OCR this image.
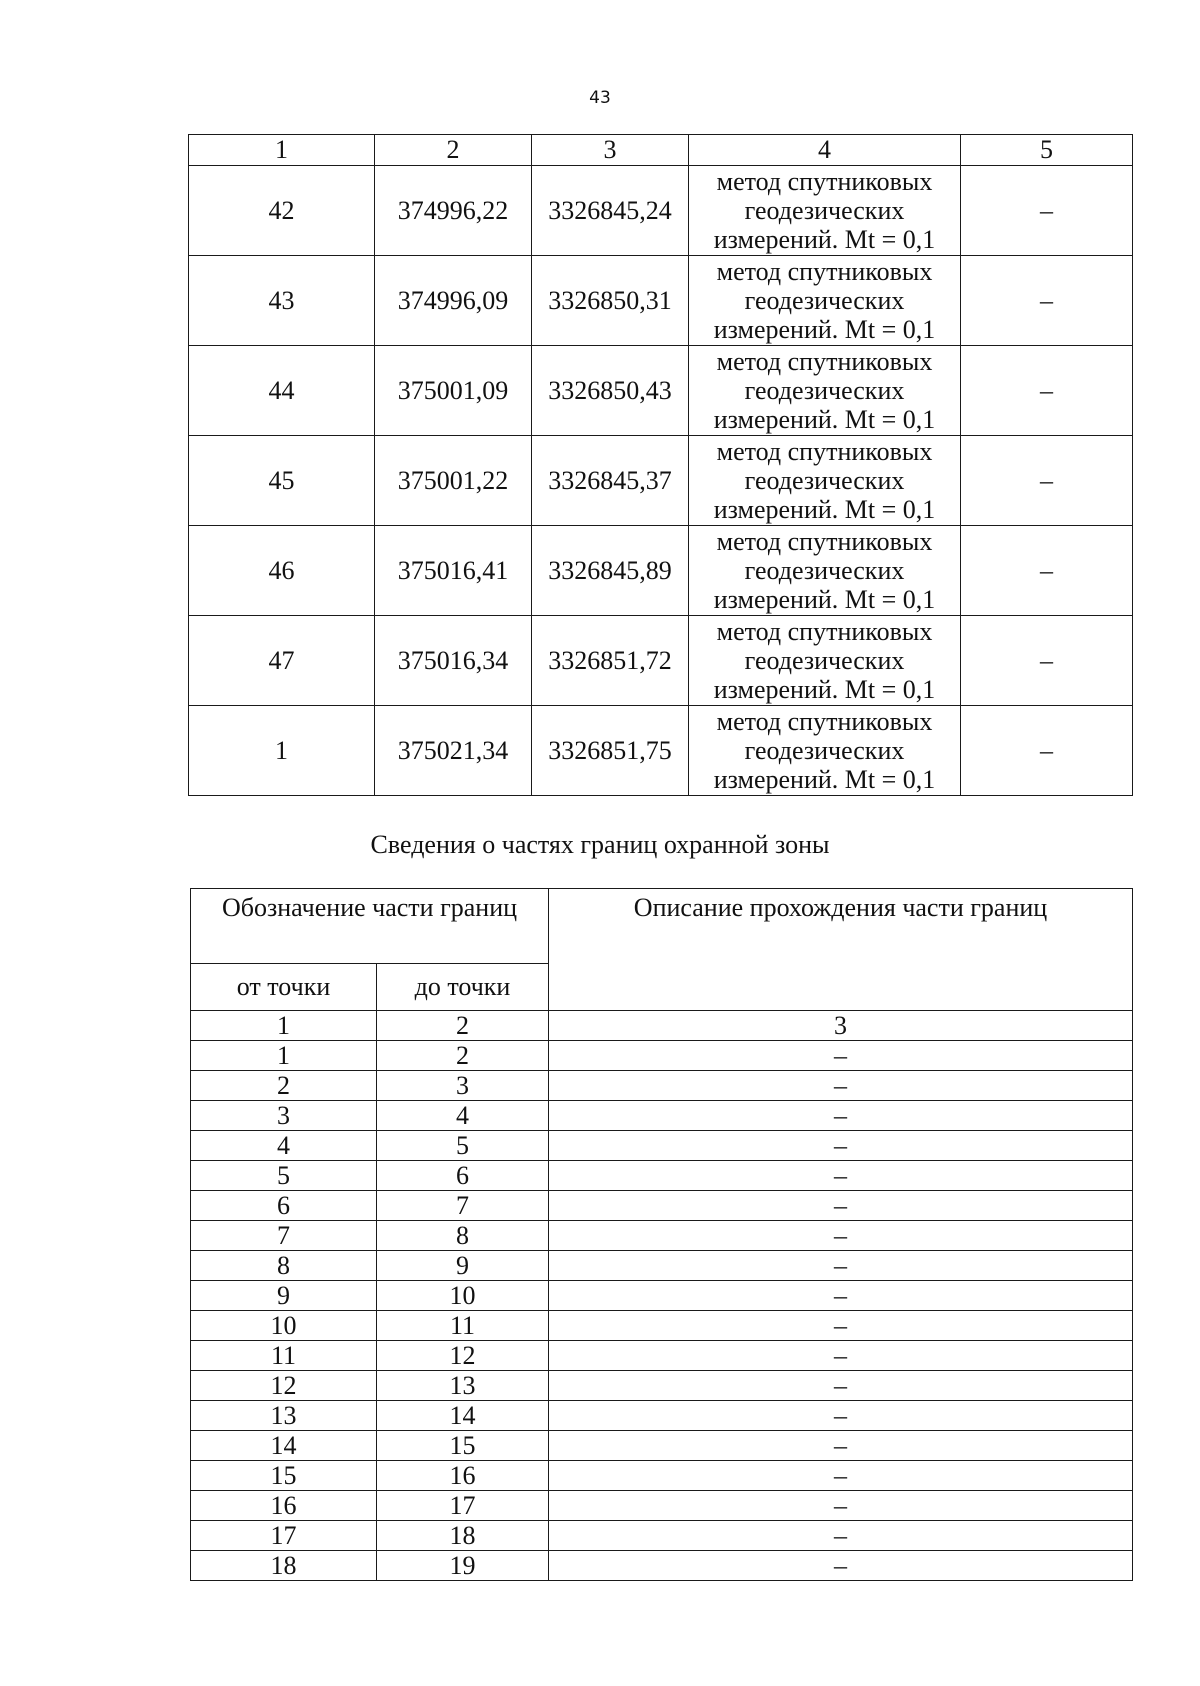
43
1	2	3	4	5
42	374996,22	3326845,24	метод спутниковых
геодезических
измерений. Mt = 0,1	–
43	374996,09	3326850,31	метод спутниковых
геодезических
измерений. Mt = 0,1	–
44	375001,09	3326850,43	метод спутниковых
геодезических
измерений. Mt = 0,1	–
45	375001,22	3326845,37	метод спутниковых
геодезических
измерений. Mt = 0,1	–
46	375016,41	3326845,89	метод спутниковых
геодезических
измерений. Mt = 0,1	–
47	375016,34	3326851,72	метод спутниковых
геодезических
измерений. Mt = 0,1	–
1	375021,34	3326851,75	метод спутниковых
геодезических
измерений. Mt = 0,1	–
Сведения о частях границ охранной зоны
Обозначение части границ		Описание прохождения части границ
от точки	до точки	
1	2	3
1	2	–
2	3	–
3	4	–
4	5	–
5	6	–
6	7	–
7	8	–
8	9	–
9	10	–
10	11	–
11	12	–
12	13	–
13	14	–
14	15	–
15	16	–
16	17	–
17	18	–
18	19	–
